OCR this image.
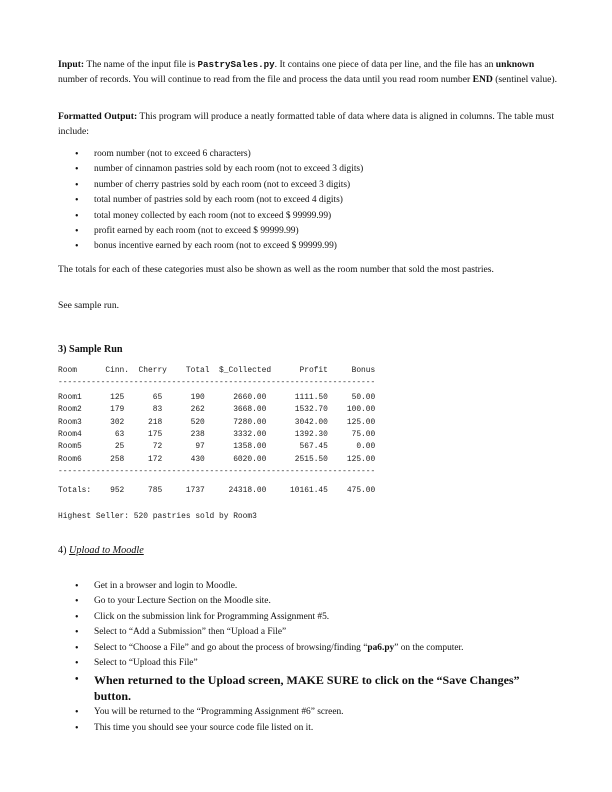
Input: The name of the input file is PastrySales.py. It contains one piece of data per line, and the file has an unknown number of records. You will continue to read from the file and process the data until you read room number END (sentinel value).

Formatted Output: This program will produce a neatly formatted table of data where data is aligned in columns. The table must include:

• room number (not to exceed 6 characters)
• number of cinnamon pastries sold by each room (not to exceed 3 digits)
• number of cherry pastries sold by each room (not to exceed 3 digits)
• total number of pastries sold by each room (not to exceed 4 digits)
• total money collected by each room (not to exceed $ 99999.99)
• profit earned by each room (not to exceed $ 99999.99)
• bonus incentive earned by each room (not to exceed $ 99999.99)

The totals for each of these categories must also be shown as well as the room number that sold the most pastries.

See sample run.

3) Sample Run
Room      Cinn.  Cherry    Total  $_Collected      Profit     Bonus
-------------------------------------------------------------------
Room1      125      65      190      2660.00      1111.50     50.00
Room2      179      83      262      3668.00      1532.70    100.00
Room3      302     218      520      7280.00      3042.00    125.00
Room4       63     175      238      3332.00      1392.30     75.00
Room5       25      72       97      1358.00       567.45      0.00
Room6      258     172      430      6020.00      2515.50    125.00
-------------------------------------------------------------------
Totals:    952     785     1737     24318.00     10161.45    475.00
Highest Seller: 520 pastries sold by Room3
4) Upload to Moodle
• Get in a browser and login to Moodle.
• Go to your Lecture Section on the Moodle site.
• Click on the submission link for Programming Assignment #5.
• Select to “Add a Submission” then “Upload a File”
• Select to “Choose a File” and go about the process of browsing/finding “pa6.py” on the computer.
• Select to “Upload this File”
• When returned to the Upload screen, MAKE SURE to click on the “Save Changes” button.
• You will be returned to the “Programming Assignment #6” screen.
• This time you should see your source code file listed on it.
